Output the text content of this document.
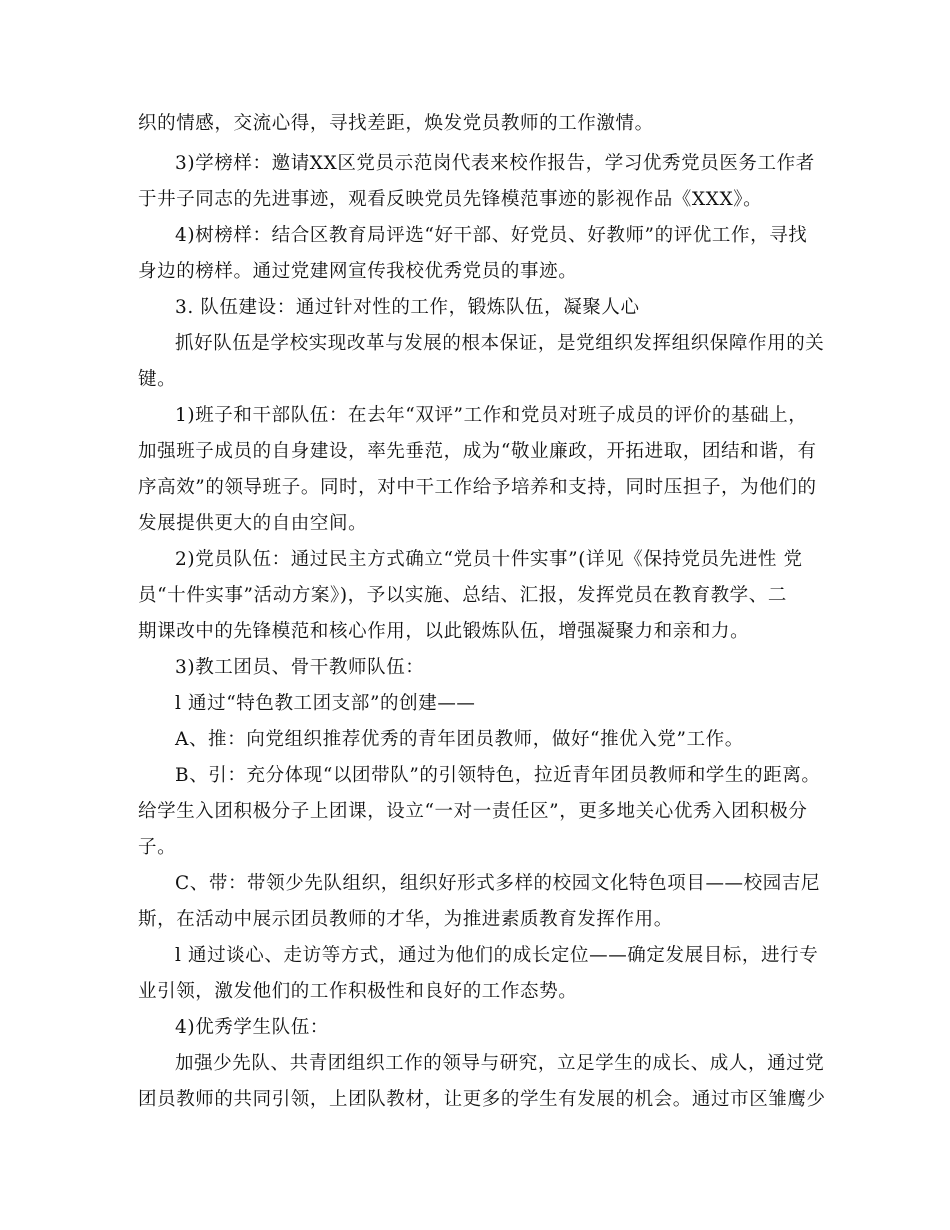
织的情感，交流心得，寻找差距，焕发党员教师的工作激情。
3)学榜样：邀请XX区党员示范岗代表来校作报告，学习优秀党员医务工作者
于井子同志的先进事迹，观看反映党员先锋模范事迹的影视作品《XXX》。
4)树榜样：结合区教育局评选“好干部、好党员、好教师”的评优工作，寻找
身边的榜样。通过党建网宣传我校优秀党员的事迹。
3. 队伍建设：通过针对性的工作，锻炼队伍，凝聚人心
抓好队伍是学校实现改革与发展的根本保证，是党组织发挥组织保障作用的关
键。
1)班子和干部队伍：在去年“双评”工作和党员对班子成员的评价的基础上，
加强班子成员的自身建设，率先垂范，成为“敬业廉政，开拓进取，团结和谐，有
序高效”的领导班子。同时，对中干工作给予培养和支持，同时压担子，为他们的
发展提供更大的自由空间。
2)党员队伍：通过民主方式确立“党员十件实事”(详见《保持党员先进性 党
员“十件实事”活动方案》)，予以实施、总结、汇报，发挥党员在教育教学、二
期课改中的先锋模范和核心作用，以此锻炼队伍，增强凝聚力和亲和力。
3)教工团员、骨干教师队伍：
l 通过“特色教工团支部”的创建——
A、推：向党组织推荐优秀的青年团员教师，做好“推优入党”工作。
B、引：充分体现“以团带队”的引领特色，拉近青年团员教师和学生的距离。
给学生入团积极分子上团课，设立“一对一责任区”，更多地关心优秀入团积极分
子。
C、带：带领少先队组织，组织好形式多样的校园文化特色项目——校园吉尼
斯，在活动中展示团员教师的才华，为推进素质教育发挥作用。
l 通过谈心、走访等方式，通过为他们的成长定位——确定发展目标，进行专
业引领，激发他们的工作积极性和良好的工作态势。
4)优秀学生队伍：
加强少先队、共青团组织工作的领导与研究，立足学生的成长、成人，通过党
团员教师的共同引领，上团队教材，让更多的学生有发展的机会。通过市区雏鹰少
